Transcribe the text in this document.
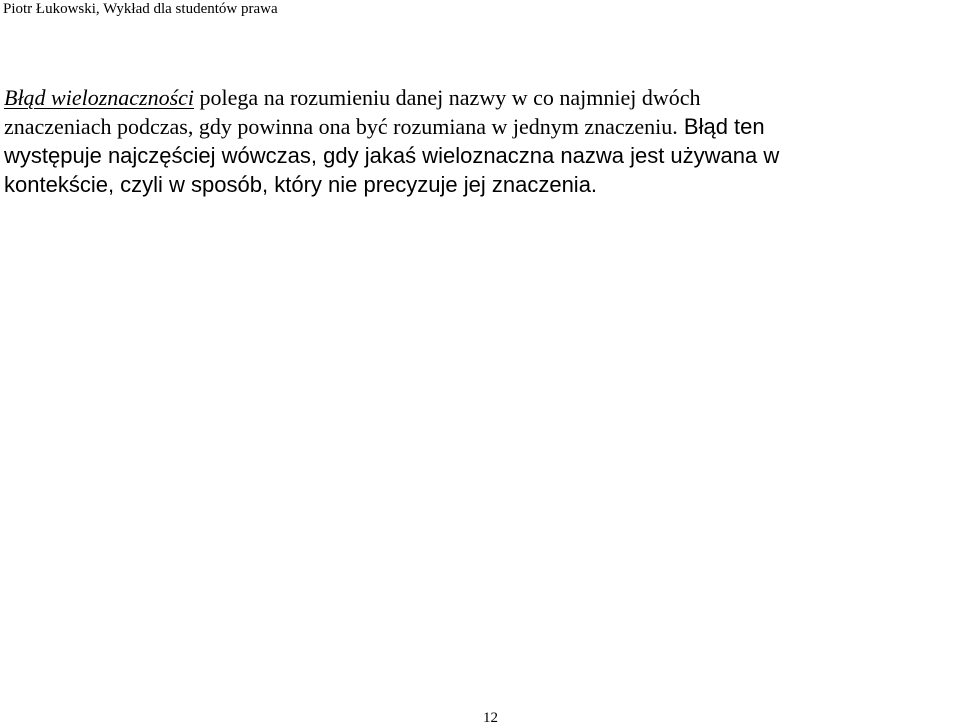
Piotr Łukowski, Wykład dla studentów prawa
Błąd wieloznaczności polega na rozumieniu danej nazwy w co najmniej dwóch
znaczeniach podczas, gdy powinna ona być rozumiana w jednym znaczeniu. Błąd ten
występuje najczęściej wówczas, gdy jakaś wieloznaczna nazwa jest używana w
kontekście, czyli w sposób, który nie precyzuje jej znaczenia.
12
